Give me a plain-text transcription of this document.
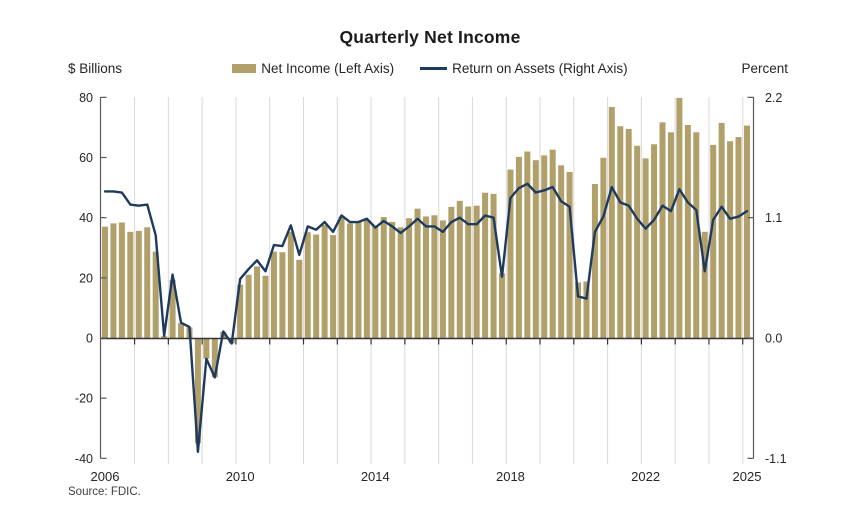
Quarterly Net Income
$ Billions	Net Income (Left Axis)	Return on Assets (Right Axis)	Percent
80
60
40
20
0
-20
-40
2.2
1.1
0.0
-1.1
2006	2010	2014	2018	2022	2025
Source: FDIC.
